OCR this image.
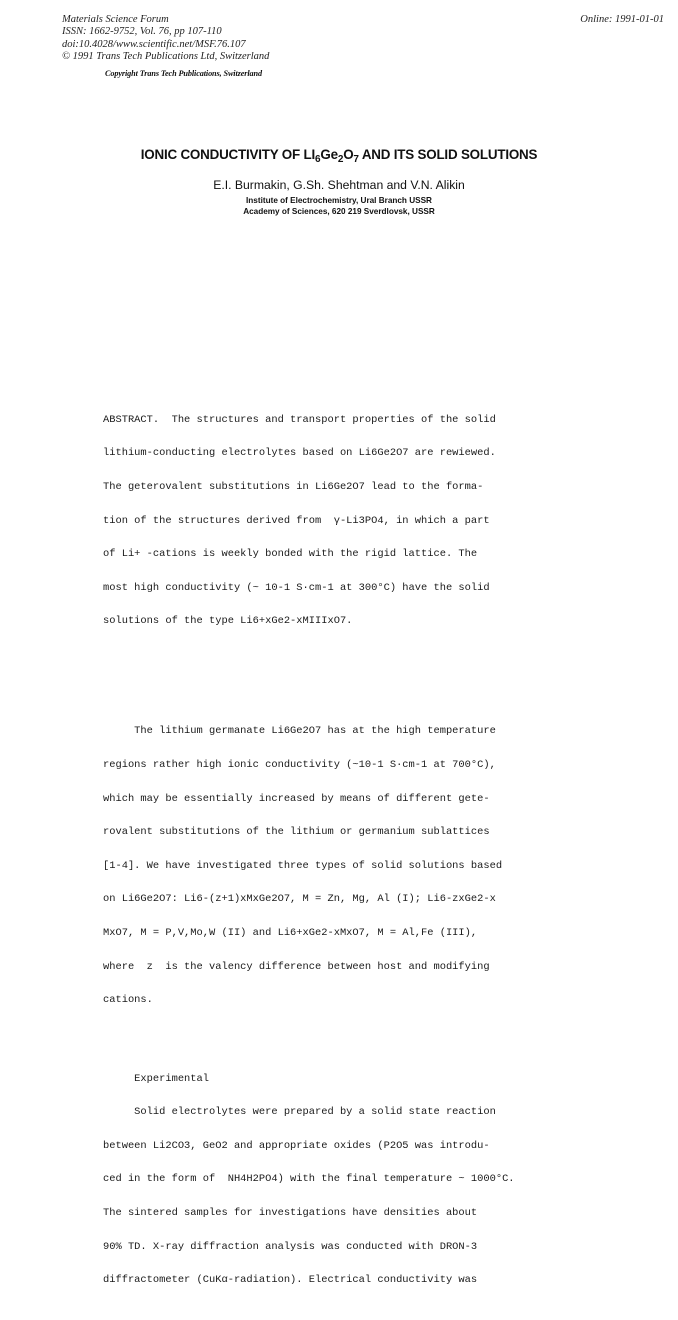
Materials Science Forum
ISSN: 1662-9752, Vol. 76, pp 107-110
doi:10.4028/www.scientific.net/MSF.76.107
© 1991 Trans Tech Publications Ltd, Switzerland
Online: 1991-01-01
Copyright Trans Tech Publications, Switzerland
IONIC CONDUCTIVITY OF $LI_6Ge_2O_7$ AND ITS SOLID SOLUTIONS
E.I. Burmakin, G.Sh. Shehtman and V.N. Alikin
Institute of Electrochemistry, Ural Branch USSR
Academy of Sciences, 620 219 Sverdlovsk, USSR

ABSTRACT.  The structures and transport properties of the solid

lithium-conducting electrolytes based on Li6Ge2O7 are rewiewed.

The geterovalent substitutions in Li6Ge2O7 lead to the forma-

tion of the structures derived from  γ-Li3PO4, in which a part

of Li+ -cations is weekly bonded with the rigid lattice. The

most high conductivity (~ 10-1 S·cm-1 at 300°C) have the solid

solutions of the type Li6+xGe2-xMIIIxO7.

The lithium germanate Li6Ge2O7 has at the high temperature

regions rather high ionic conductivity (~10-1 S·cm-1 at 700°C),

which may be essentially increased by means of different gete-

rovalent substitutions of the lithium or germanium sublattices

[1-4]. We have investigated three types of solid solutions based

on Li6Ge2O7: Li6-(z+1)xMxGe2O7, M = Zn, Mg, Al (I); Li6-zxGe2-x

MxO7, M = P,V,Mo,W (II) and Li6+xGe2-xMxO7, M = Al,Fe (III),

where  z  is the valency difference between host and modifying

cations.

Experimental

Solid electrolytes were prepared by a solid state reaction

between Li2CO3, GeO2 and appropriate oxides (P2O5 was introdu-

ced in the form of  NH4H2PO4) with the final temperature ~ 1000°C.

The sintered samples for investigations have densities about

90% TD. X-ray diffraction analysis was conducted with DRON-3

diffractometer (CuKα-radiation). Electrical conductivity was
